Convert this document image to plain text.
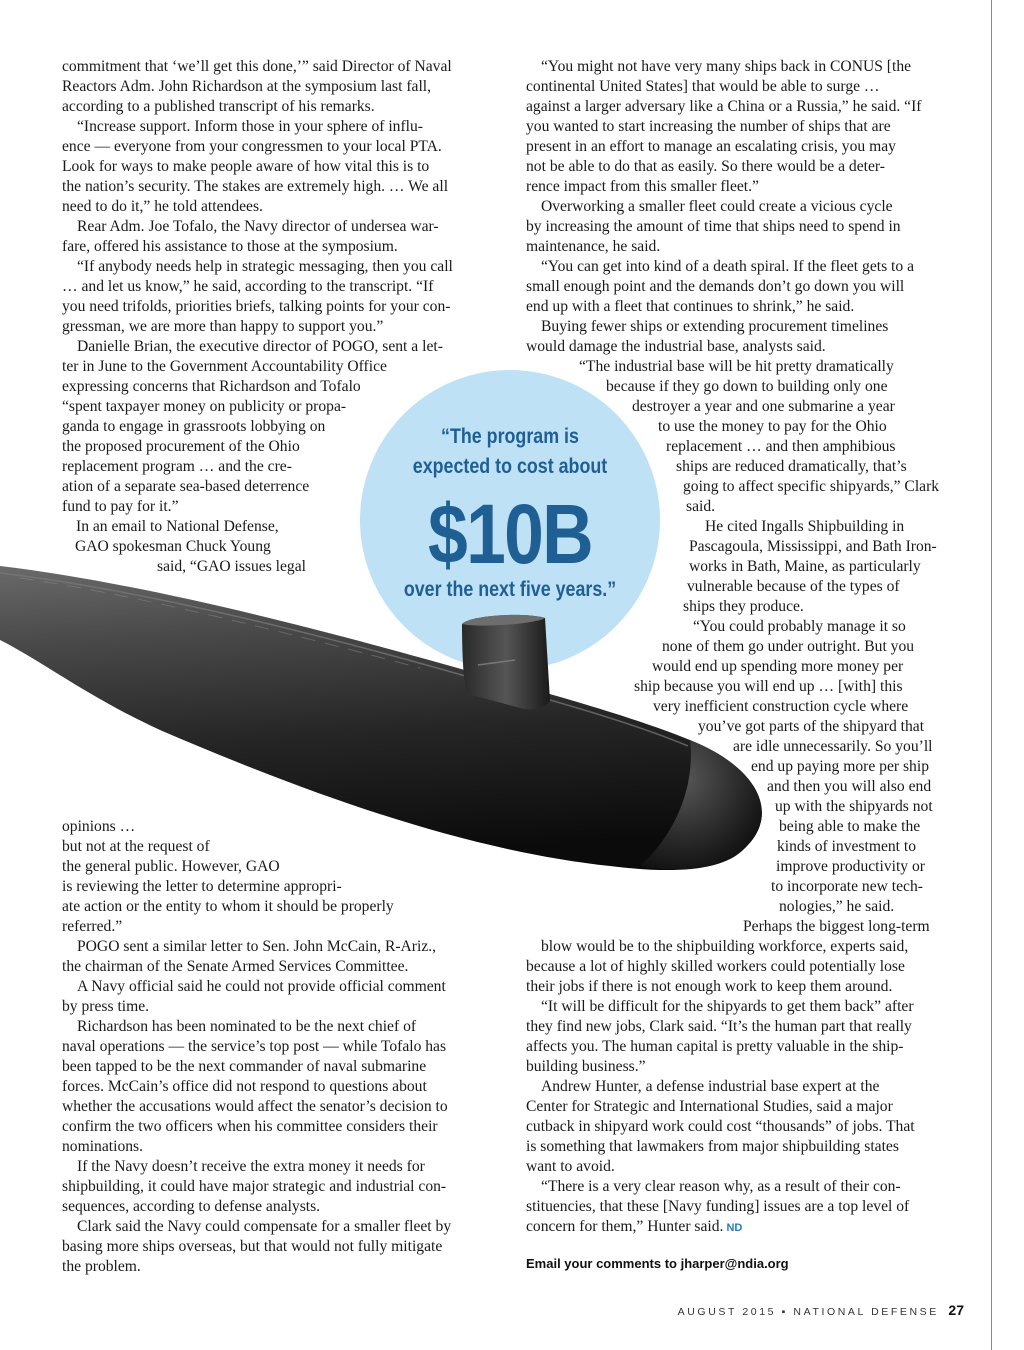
“The program is

expected to cost about

$10B

over the next five years.”

commitment that ‘we’ll get this done,’” said Director of Naval

Reactors Adm. John Richardson at the symposium last fall,

according to a published transcript of his remarks.

“Increase support. Inform those in your sphere of influ-

ence — everyone from your congressmen to your local PTA.

Look for ways to make people aware of how vital this is to

the nation’s security. The stakes are extremely high. … We all

need to do it,” he told attendees.

Rear Adm. Joe Tofalo, the Navy director of undersea war-

fare, offered his assistance to those at the symposium.

“If anybody needs help in strategic messaging, then you call

… and let us know,” he said, according to the transcript. “If

you need trifolds, priorities briefs, talking points for your con-

gressman, we are more than happy to support you.”

Danielle Brian, the executive director of POGO, sent a let-

ter in June to the Government Accountability Office

expressing concerns that Richardson and Tofalo

“spent taxpayer money on publicity or propa-

ganda to engage in grassroots lobbying on

the proposed procurement of the Ohio

replacement program … and the cre-

ation of a separate sea-based deterrence

fund to pay for it.”

In an email to National Defense,

GAO spokesman Chuck Young

said, “GAO issues legal

opinions …

but not at the request of

the general public. However, GAO

is reviewing the letter to determine appropri-

ate action or the entity to whom it should be properly

referred.”

POGO sent a similar letter to Sen. John McCain, R-Ariz.,

the chairman of the Senate Armed Services Committee.

A Navy official said he could not provide official comment

by press time.

Richardson has been nominated to be the next chief of

naval operations — the service’s top post — while Tofalo has

been tapped to be the next commander of naval submarine

forces. McCain’s office did not respond to questions about

whether the accusations would affect the senator’s decision to

confirm the two officers when his committee considers their

nominations.

If the Navy doesn’t receive the extra money it needs for

shipbuilding, it could have major strategic and industrial con-

sequences, according to defense analysts.

Clark said the Navy could compensate for a smaller fleet by

basing more ships overseas, but that would not fully mitigate

the problem.

“You might not have very many ships back in CONUS [the

continental United States] that would be able to surge …

against a larger adversary like a China or a Russia,” he said. “If

you wanted to start increasing the number of ships that are

present in an effort to manage an escalating crisis, you may

not be able to do that as easily. So there would be a deter-

rence impact from this smaller fleet.”

Overworking a smaller fleet could create a vicious cycle

by increasing the amount of time that ships need to spend in

maintenance, he said.

“You can get into kind of a death spiral. If the fleet gets to a

small enough point and the demands don’t go down you will

end up with a fleet that continues to shrink,” he said.

Buying fewer ships or extending procurement timelines

would damage the industrial base, analysts said.

“The industrial base will be hit pretty dramatically

because if they go down to building only one

destroyer a year and one submarine a year

to use the money to pay for the Ohio

replacement … and then amphibious

ships are reduced dramatically, that’s

going to affect specific shipyards,” Clark

said.

He cited Ingalls Shipbuilding in

Pascagoula, Mississippi, and Bath Iron-

works in Bath, Maine, as particularly

vulnerable because of the types of

ships they produce.

“You could probably manage it so

none of them go under outright. But you

would end up spending more money per

ship because you will end up … [with] this

very inefficient construction cycle where

you’ve got parts of the shipyard that

are idle unnecessarily. So you’ll

end up paying more per ship

and then you will also end

up with the shipyards not

being able to make the

kinds of investment to

improve productivity or

to incorporate new tech-

nologies,” he said.

Perhaps the biggest long-term

blow would be to the shipbuilding workforce, experts said,

because a lot of highly skilled workers could potentially lose

their jobs if there is not enough work to keep them around.

“It will be difficult for the shipyards to get them back” after

they find new jobs, Clark said. “It’s the human part that really

affects you. The human capital is pretty valuable in the ship-

building business.”

Andrew Hunter, a defense industrial base expert at the

Center for Strategic and International Studies, said a major

cutback in shipyard work could cost “thousands” of jobs. That

is something that lawmakers from major shipbuilding states

want to avoid.

“There is a very clear reason why, as a result of their con-

stituencies, that these [Navy funding] issues are a top level of

concern for them,” Hunter said. ND

Email your comments to jharper@ndia.org

AUGUST 2015 ▪ NATIONAL DEFENSE 27
